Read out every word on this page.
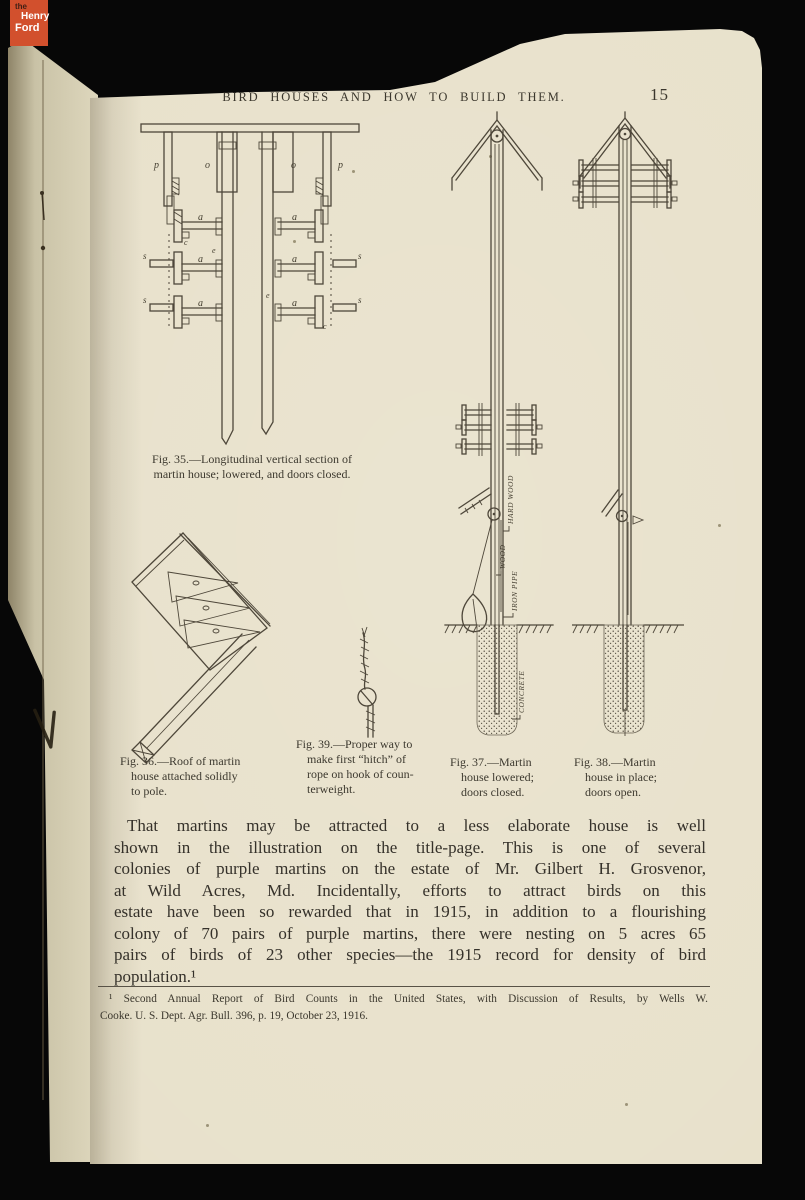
the
Henry
Ford
BIRD HOUSES AND HOW TO BUILD THEM.	15
p	o	o	p
a
a
a
a
a
a
s
s
s
s
c
e
e
c
Fig. 35.—Longitudinal vertical section of
martin house; lowered, and doors closed.
Fig. 36.—Roof of martin
house attached solidly
to pole.
Fig. 39.—Proper way to
make first “hitch” of
rope on hook of coun-
terweight.
HARD WOOD
WOOD
IRON PIPE
CONCRETE
Fig. 37.—Martin
house lowered;
doors closed.
Fig. 38.—Martin
house in place;
doors open.
That martins may be attracted to a less elaborate house is well
shown in the illustration on the title-page. This is one of several
colonies of purple martins on the estate of Mr. Gilbert H. Grosvenor,
at Wild Acres, Md. Incidentally, efforts to attract birds on this
estate have been so rewarded that in 1915, in addition to a flourishing
colony of 70 pairs of purple martins, there were nesting on 5 acres 65
pairs of birds of 23 other species—the 1915 record for density of bird
population.¹
¹ Second Annual Report of Bird Counts in the United States, with Discussion of Results, by Wells W.
Cooke. U. S. Dept. Agr. Bull. 396, p. 19, October 23, 1916.
